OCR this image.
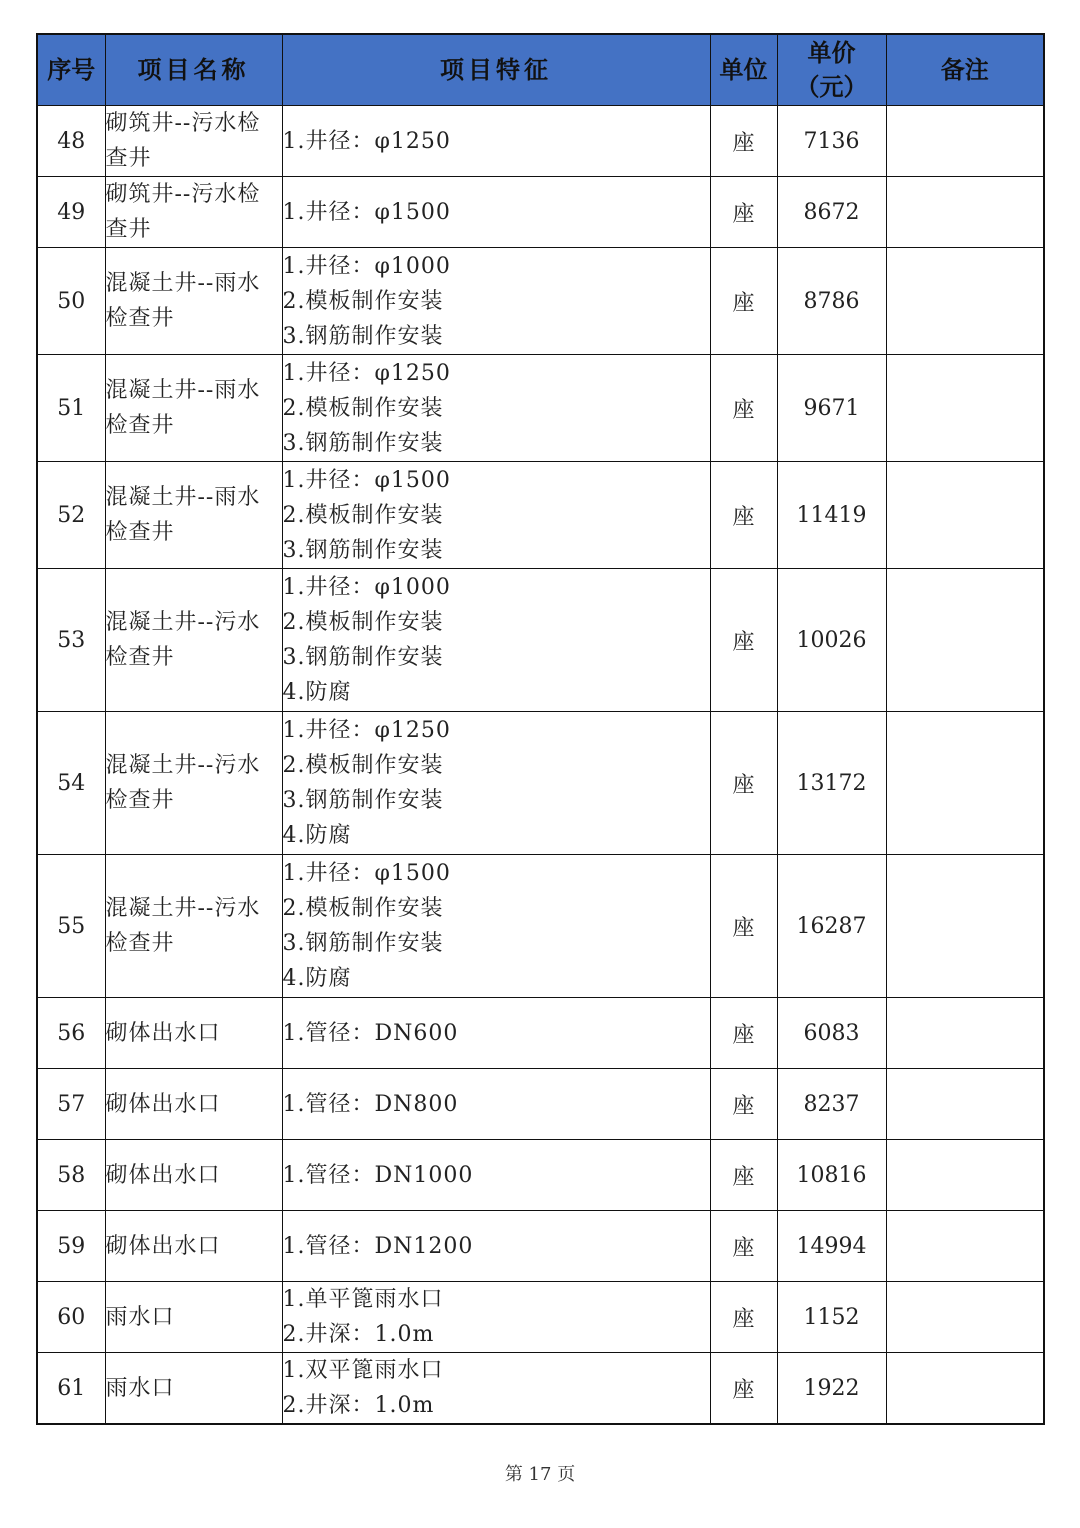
序号	项目名称	项目特征	单位	单价
（元）	备注
48	砌筑井--污水检
查井	1.井径：φ1250	座	7136	
49	砌筑井--污水检
查井	1.井径：φ1500	座	8672	
50	混凝土井--雨水
检查井	1.井径：φ1000
2.模板制作安装
3.钢筋制作安装	座	8786	
51	混凝土井--雨水
检查井	1.井径：φ1250
2.模板制作安装
3.钢筋制作安装	座	9671	
52	混凝土井--雨水
检查井	1.井径：φ1500
2.模板制作安装
3.钢筋制作安装	座	11419	
53	混凝土井--污水
检查井	1.井径：φ1000
2.模板制作安装
3.钢筋制作安装
4.防腐	座	10026	
54	混凝土井--污水
检查井	1.井径：φ1250
2.模板制作安装
3.钢筋制作安装
4.防腐	座	13172	
55	混凝土井--污水
检查井	1.井径：φ1500
2.模板制作安装
3.钢筋制作安装
4.防腐	座	16287	
56	砌体出水口	1.管径：DN600	座	6083	
57	砌体出水口	1.管径：DN800	座	8237	
58	砌体出水口	1.管径：DN1000	座	10816	
59	砌体出水口	1.管径：DN1200	座	14994	
60	雨水口	1.单平篦雨水口
2.井深：1.0m	座	1152	
61	雨水口	1.双平篦雨水口
2.井深：1.0m	座	1922	
第 17 页
